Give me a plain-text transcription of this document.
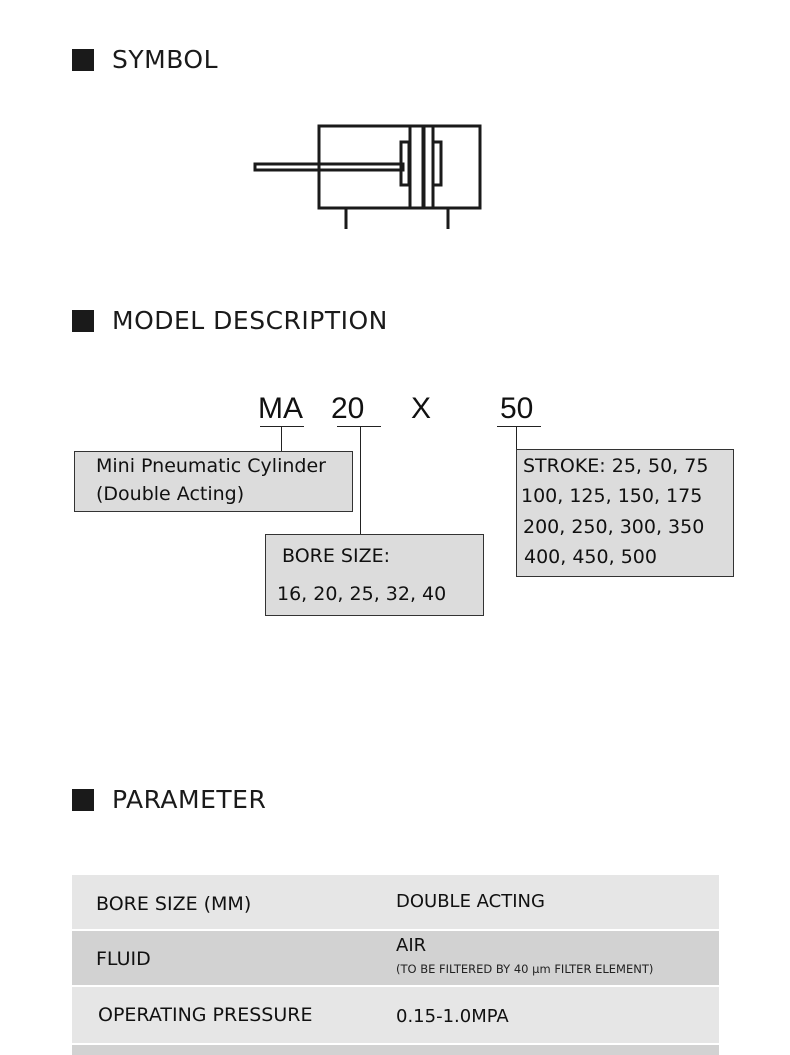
SYMBOL
MODEL DESCRIPTION
MA 20 X 50
Mini Pneumatic Cylinder
(Double Acting)
BORE SIZE:
16, 20, 25, 32, 40
STROKE: 25, 50, 75
100, 125, 150, 175
200, 250, 300, 350
400, 450, 500
PARAMETER
BORE SIZE (MM)	DOUBLE ACTING
FLUID
AIR
(TO BE FILTERED BY 40 μm FILTER ELEMENT)
OPERATING PRESSURE	0.15-1.0MPA
